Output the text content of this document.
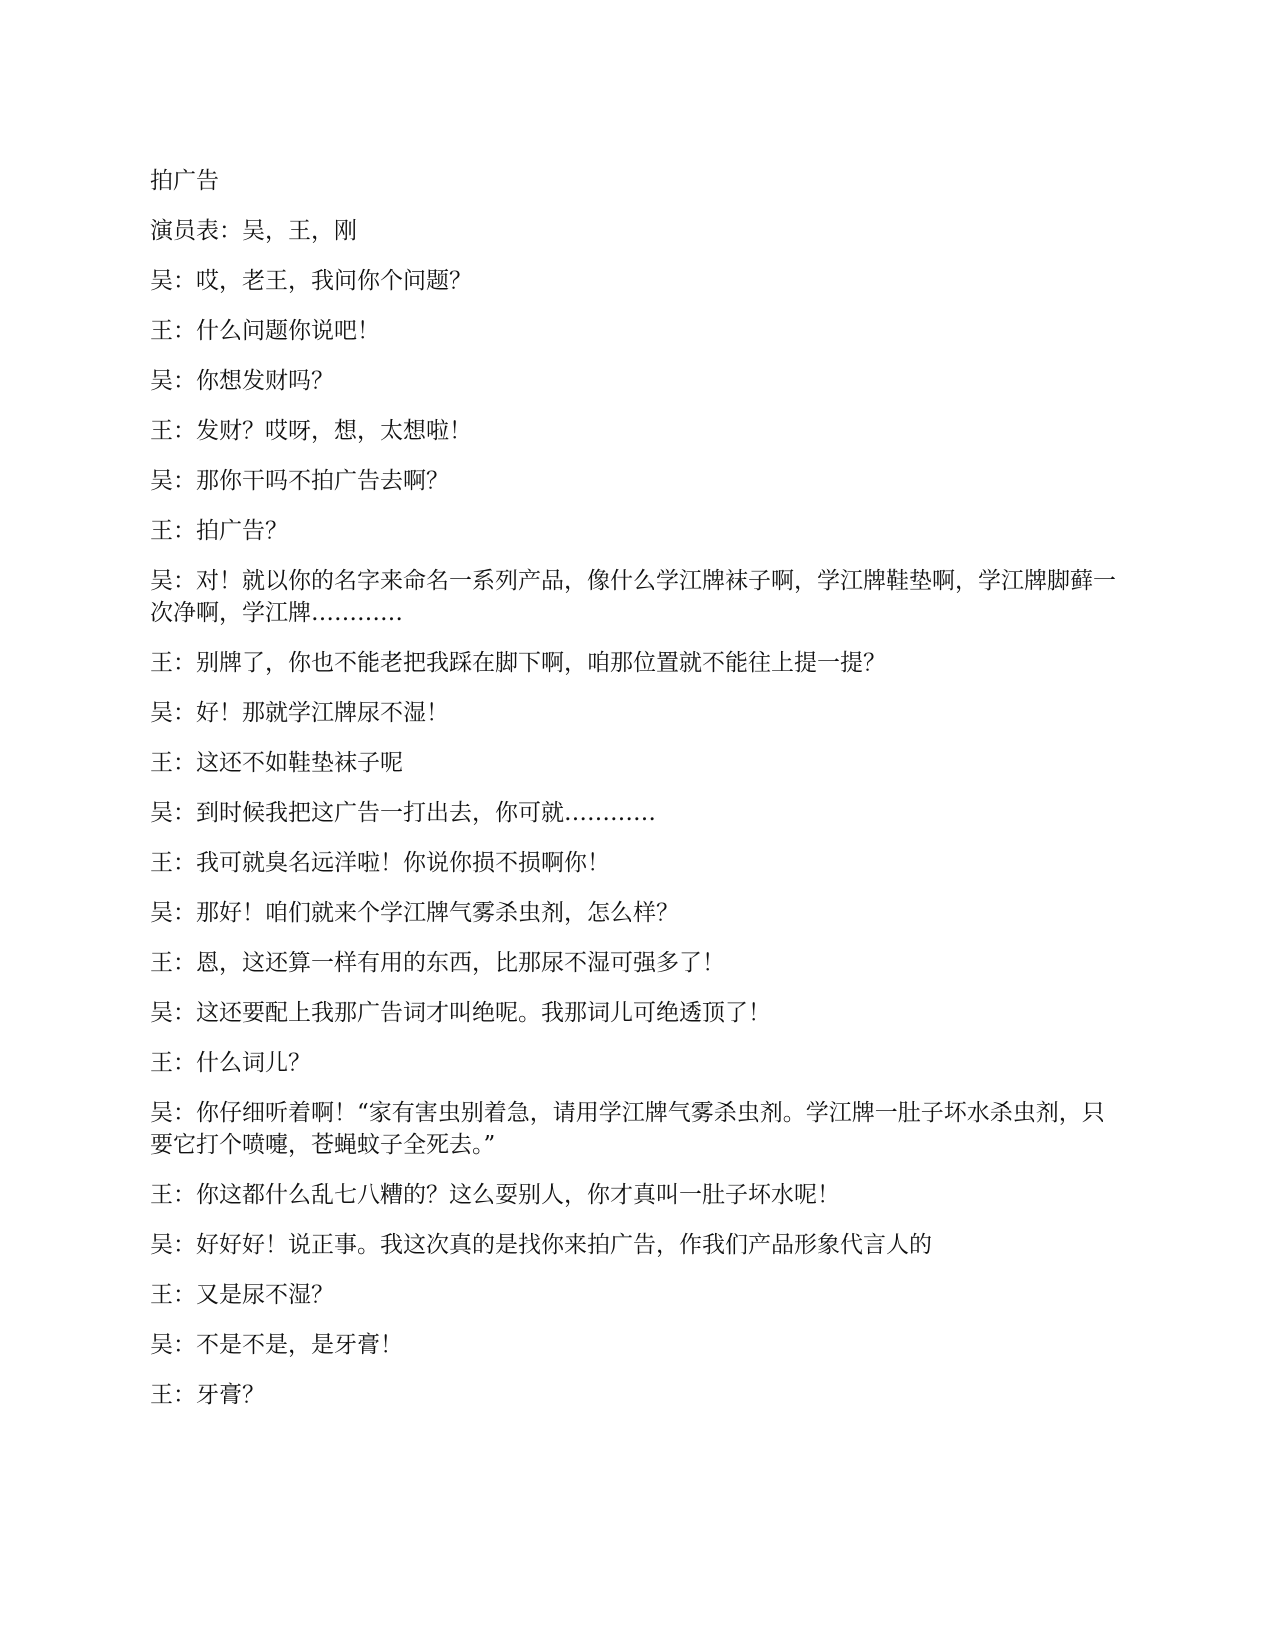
拍广告

演员表：吴，王，刚

吴：哎，老王，我问你个问题？

王：什么问题你说吧！

吴：你想发财吗？

王：发财？哎呀，想，太想啦！

吴：那你干吗不拍广告去啊？

王：拍广告？

吴：对！就以你的名字来命名一系列产品，像什么学江牌袜子啊，学江牌鞋垫啊，学江牌脚藓一次净啊，学江牌…………

王：别牌了，你也不能老把我踩在脚下啊，咱那位置就不能往上提一提？

吴：好！那就学江牌尿不湿！

王：这还不如鞋垫袜子呢

吴：到时候我把这广告一打出去，你可就…………

王：我可就臭名远洋啦！你说你损不损啊你！

吴：那好！咱们就来个学江牌气雾杀虫剂，怎么样？

王：恩，这还算一样有用的东西，比那尿不湿可强多了！

吴：这还要配上我那广告词才叫绝呢。我那词儿可绝透顶了！

王：什么词儿？

吴：你仔细听着啊！“家有害虫别着急，请用学江牌气雾杀虫剂。学江牌一肚子坏水杀虫剂，只要它打个喷嚏，苍蝇蚊子全死去。”

王：你这都什么乱七八糟的？这么耍别人，你才真叫一肚子坏水呢！

吴：好好好！说正事。我这次真的是找你来拍广告，作我们产品形象代言人的

王：又是尿不湿？

吴：不是不是，是牙膏！

王：牙膏？
